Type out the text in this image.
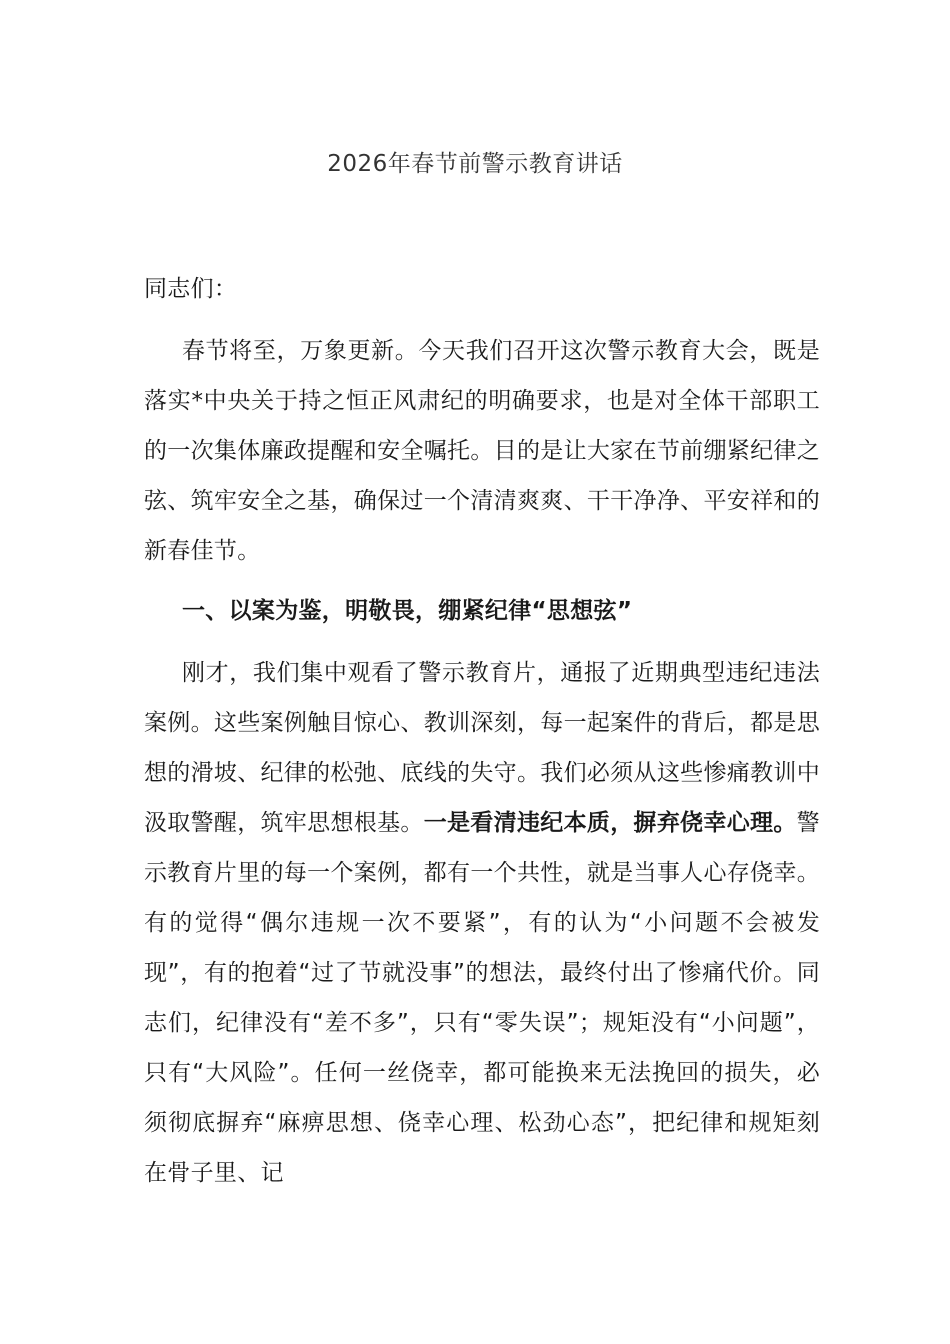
2026年春节前警示教育讲话
同志们：

春节将至，万象更新。今天我们召开这次警示教育大会，既是落实*中央关于持之恒正风肃纪的明确要求，也是对全体干部职工的一次集体廉政提醒和安全嘱托。目的是让大家在节前绷紧纪律之弦、筑牢安全之基，确保过一个清清爽爽、干干净净、平安祥和的新春佳节。

一、以案为鉴，明敬畏，绷紧纪律“思想弦”

刚才，我们集中观看了警示教育片，通报了近期典型违纪违法案例。这些案例触目惊心、教训深刻，每一起案件的背后，都是思想的滑坡、纪律的松弛、底线的失守。我们必须从这些惨痛教训中汲取警醒，筑牢思想根基。一是看清违纪本质，摒弃侥幸心理。警示教育片里的每一个案例，都有一个共性，就是当事人心存侥幸。有的觉得“偶尔违规一次不要紧”，有的认为“小问题不会被发现”，有的抱着“过了节就没事”的想法，最终付出了惨痛代价。同志们，纪律没有“差不多”，只有“零失误”；规矩没有“小问题”，只有“大风险”。任何一丝侥幸，都可能换来无法挽回的损失，必须彻底摒弃“麻痹思想、侥幸心理、松劲心态”，把纪律和规矩刻在骨子里、记
